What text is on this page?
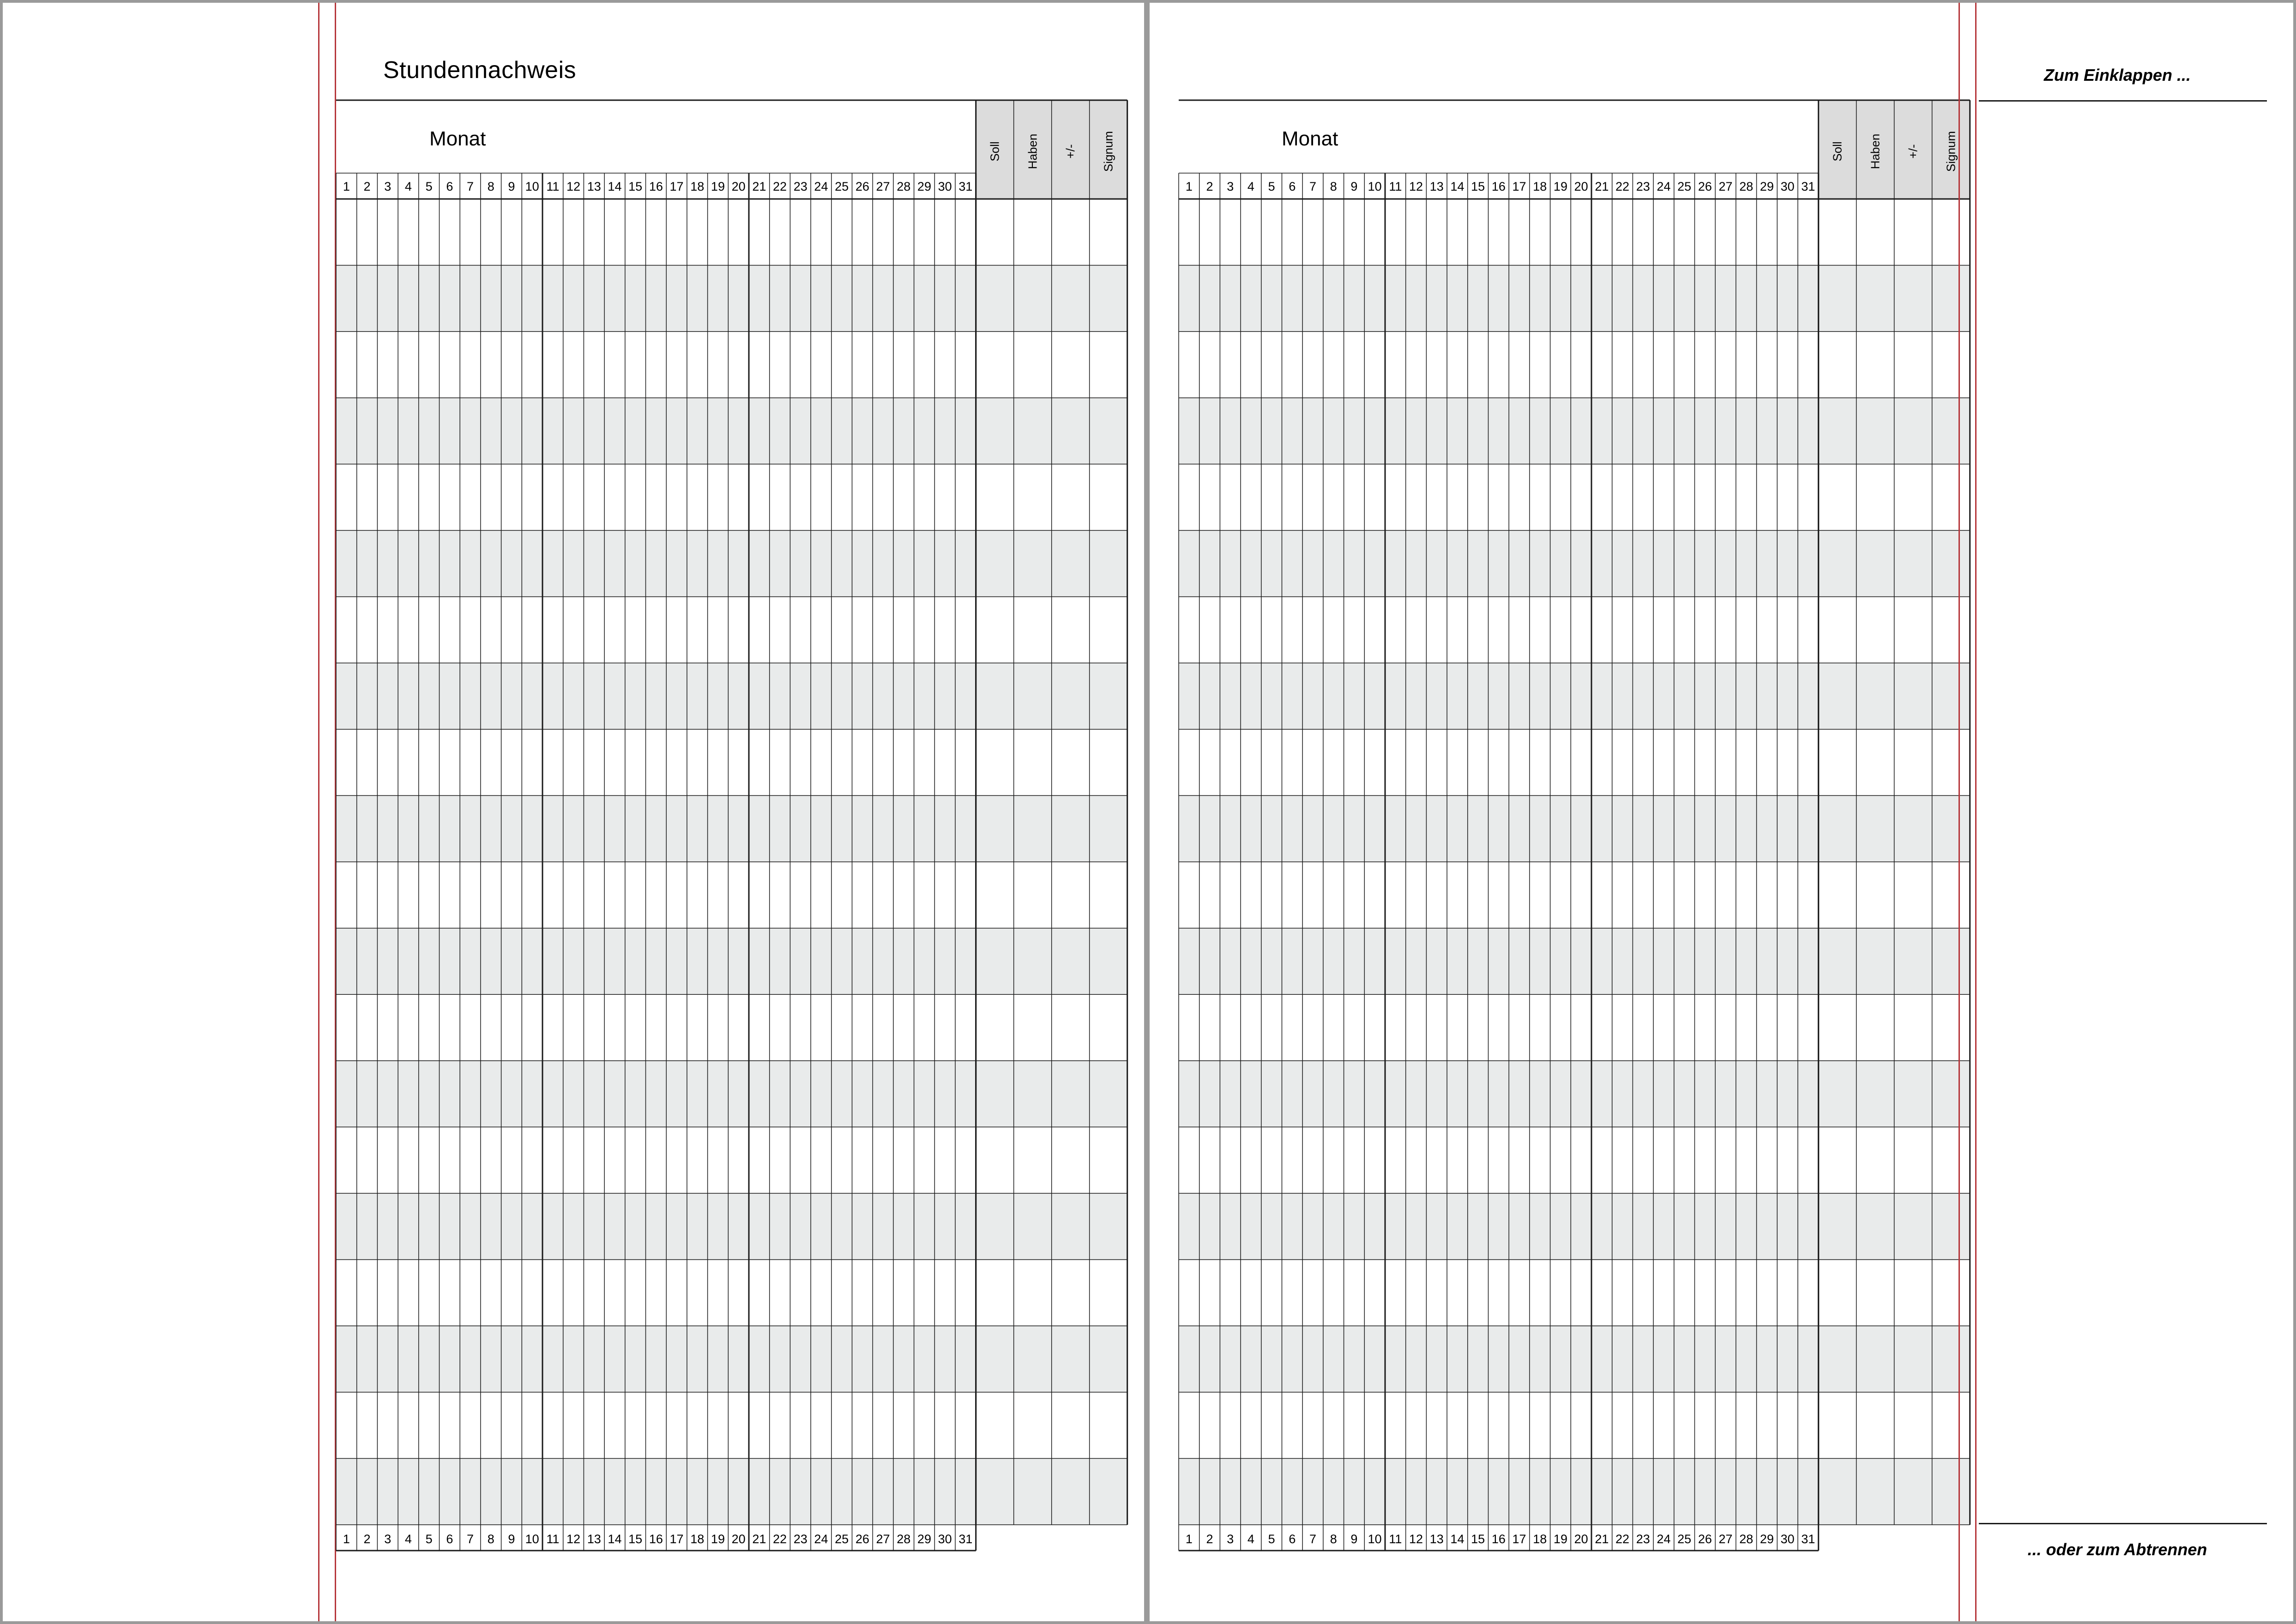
Stundennachweis
1
1
2
2
3
3
4
4
5
5
6
6
7
7
8
8
9
9
10
10
11
11
12
12
13
13
14
14
15
15
16
16
17
17
18
18
19
19
20
20
21
21
22
22
23
23
24
24
25
25
26
26
27
27
28
28
29
29
30
30
31
31
Soll Haben +/- Signum
Monat
1
1
2
2
3
3
4
4
5
5
6
6
7
7
8
8
9
9
10
10
11
11
12
12
13
13
14
14
15
15
16
16
17
17
18
18
19
19
20
20
21
21
22
22
23
23
24
24
25
25
26
26
27
27
28
28
29
29
30
30
31
31
Soll Haben +/- Signum
Monat
Zum Einklappen ...
... oder zum Abtrennen
